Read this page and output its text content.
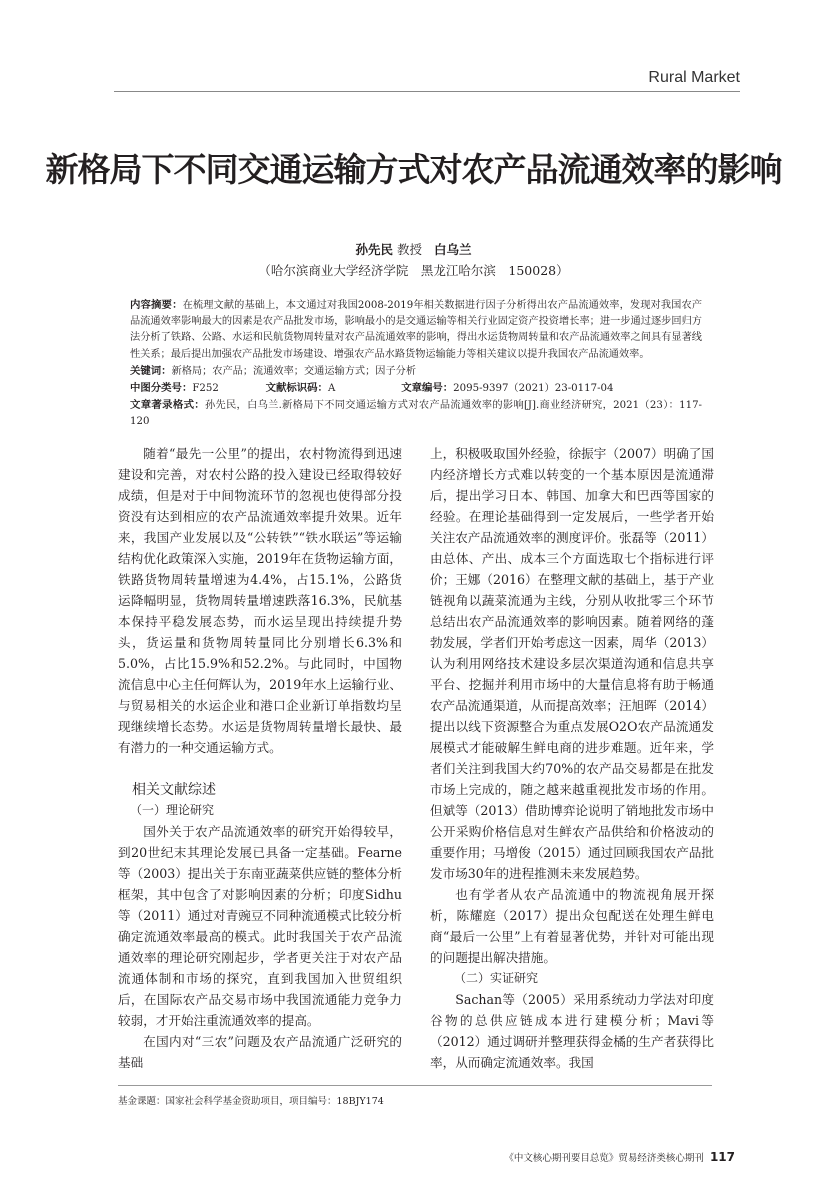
Rural Market
新格局下不同交通运输方式对农产品流通效率的影响
孙先民 教授 白乌兰
（哈尔滨商业大学经济学院　黑龙江哈尔滨　150028）
内容摘要：在梳理文献的基础上，本文通过对我国2008-2019年相关数据进行因子分析得出农产品流通效率，发现对我国农产品流通效率影响最大的因素是农产品批发市场，影响最小的是交通运输等相关行业固定资产投资增长率；进一步通过逐步回归方法分析了铁路、公路、水运和民航货物周转量对农产品流通效率的影响，得出水运货物周转量和农产品流通效率之间具有显著线性关系；最后提出加强农产品批发市场建设、增强农产品水路货物运输能力等相关建议以提升我国农产品流通效率。
关键词：新格局；农产品；流通效率；交通运输方式；因子分析
中图分类号：F252	文献标识码：A	文章编号：2095-9397（2021）23-0117-04
文章著录格式：孙先民，白乌兰.新格局下不同交通运输方式对农产品流通效率的影响[J].商业经济研究，2021（23）：117-120

随着“最先一公里”的提出，农村物流得到迅速建设和完善，对农村公路的投入建设已经取得较好成绩，但是对于中间物流环节的忽视也使得部分投资没有达到相应的农产品流通效率提升效果。近年来，我国产业发展以及“公转铁”“铁水联运”等运输结构优化政策深入实施，2019年在货物运输方面，铁路货物周转量增速为4.4%，占15.1%，公路货运降幅明显，货物周转量增速跌落16.3%，民航基本保持平稳发展态势，而水运呈现出持续提升势头，货运量和货物周转量同比分别增长6.3%和5.0%，占比15.9%和52.2%。与此同时，中国物流信息中心主任何辉认为，2019年水上运输行业、与贸易相关的水运企业和港口企业新订单指数均呈现继续增长态势。水运是货物周转量增长最快、最有潜力的一种交通运输方式。

相关文献综述
（一）理论研究

国外关于农产品流通效率的研究开始得较早，到20世纪末其理论发展已具备一定基础。Fearne等（2003）提出关于东南亚蔬菜供应链的整体分析框架，其中包含了对影响因素的分析；印度Sidhu等（2011）通过对青豌豆不同种流通模式比较分析确定流通效率最高的模式。此时我国关于农产品流通效率的理论研究刚起步，学者更关注于对农产品流通体制和市场的探究，直到我国加入世贸组织后，在国际农产品交易市场中我国流通能力竞争力较弱，才开始注重流通效率的提高。

在国内对“三农”问题及农产品流通广泛研究的基础

上，积极吸取国外经验，徐振宇（2007）明确了国内经济增长方式难以转变的一个基本原因是流通滞后，提出学习日本、韩国、加拿大和巴西等国家的经验。在理论基础得到一定发展后，一些学者开始关注农产品流通效率的测度评价。张磊等（2011）由总体、产出、成本三个方面选取七个指标进行评价；王娜（2016）在整理文献的基础上，基于产业链视角以蔬菜流通为主线，分别从收批零三个环节总结出农产品流通效率的影响因素。随着网络的蓬勃发展，学者们开始考虑这一因素，周华（2013）认为利用网络技术建设多层次渠道沟通和信息共享平台、挖掘并利用市场中的大量信息将有助于畅通农产品流通渠道，从而提高效率；汪旭晖（2014）提出以线下资源整合为重点发展O2O农产品流通发展模式才能破解生鲜电商的进步难题。近年来，学者们关注到我国大约70%的农产品交易都是在批发市场上完成的，随之越来越重视批发市场的作用。但斌等（2013）借助博弈论说明了销地批发市场中公开采购价格信息对生鲜农产品供给和价格波动的重要作用；马增俊（2015）通过回顾我国农产品批发市场30年的进程推测未来发展趋势。

也有学者从农产品流通中的物流视角展开探析，陈耀庭（2017）提出众包配送在处理生鲜电商“最后一公里”上有着显著优势，并针对可能出现的问题提出解决措施。

（二）实证研究

Sachan等（2005）采用系统动力学法对印度谷物的总供应链成本进行建模分析；Mavi等（2012）通过调研并整理获得金橘的生产者获得比率，从而确定流通效率。我国

基金课题：国家社会科学基金资助项目，项目编号：18BJY174
《中文核心期刊要目总览》贸易经济类核心期刊 117
